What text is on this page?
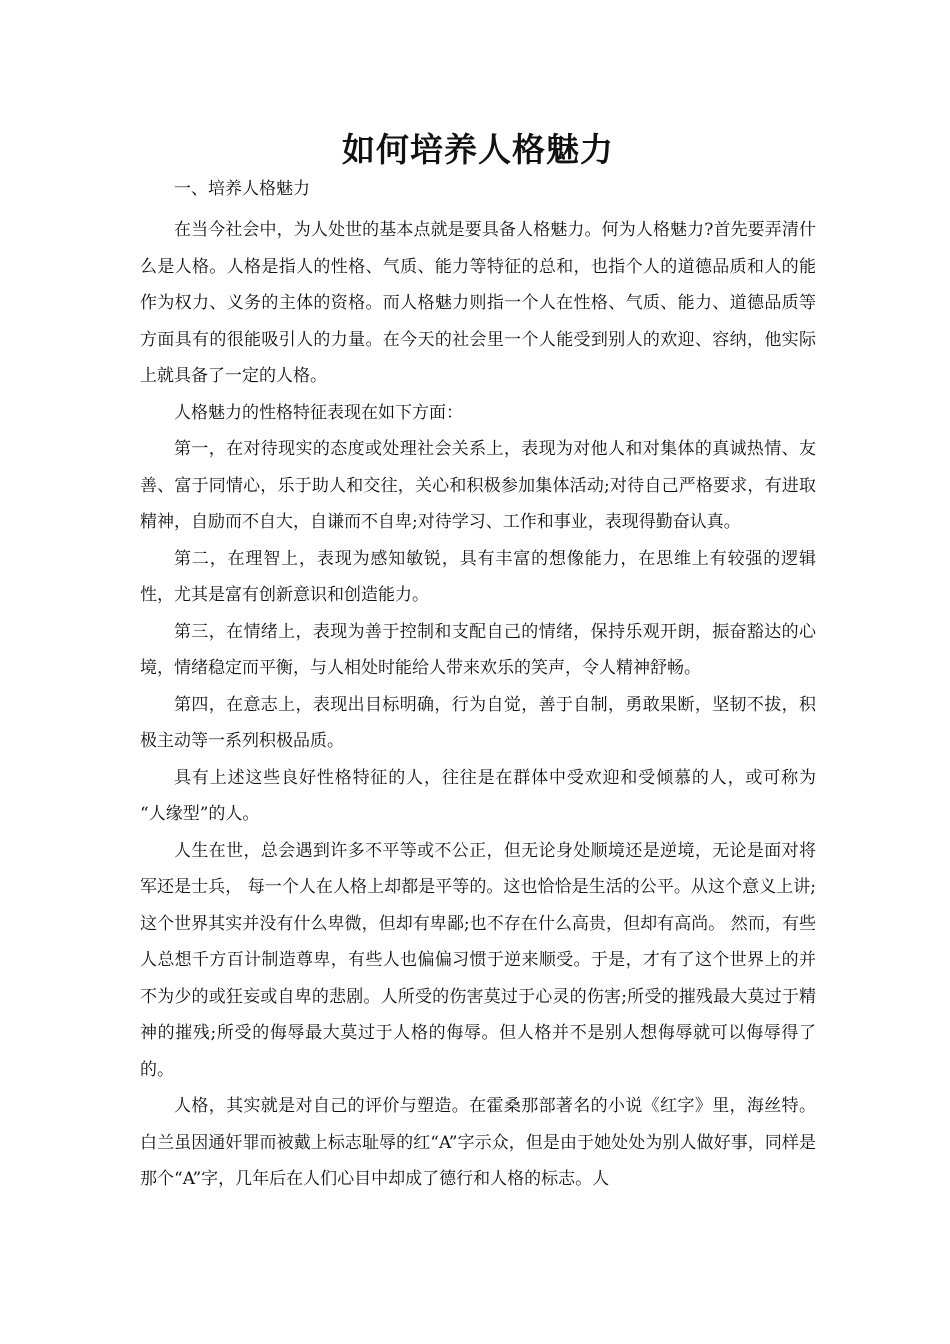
如何培养人格魅力

一、培养人格魅力

在当今社会中，为人处世的基本点就是要具备人格魅力。何为人格魅力?首先要弄清什么是人格。人格是指人的性格、气质、能力等特征的总和，也指个人的道德品质和人的能作为权力、义务的主体的资格。而人格魅力则指一个人在性格、气质、能力、道德品质等方面具有的很能吸引人的力量。在今天的社会里一个人能受到别人的欢迎、容纳，他实际上就具备了一定的人格。

人格魅力的性格特征表现在如下方面：

第一，在对待现实的态度或处理社会关系上，表现为对他人和对集体的真诚热情、友善、富于同情心，乐于助人和交往，关心和积极参加集体活动;对待自己严格要求，有进取精神，自励而不自大，自谦而不自卑;对待学习、工作和事业，表现得勤奋认真。

第二，在理智上，表现为感知敏锐，具有丰富的想像能力，在思维上有较强的逻辑性，尤其是富有创新意识和创造能力。

第三，在情绪上，表现为善于控制和支配自己的情绪，保持乐观开朗，振奋豁达的心境，情绪稳定而平衡，与人相处时能给人带来欢乐的笑声，令人精神舒畅。

第四，在意志上，表现出目标明确，行为自觉，善于自制，勇敢果断，坚韧不拔，积极主动等一系列积极品质。

具有上述这些良好性格特征的人，往往是在群体中受欢迎和受倾慕的人，或可称为 “人缘型”的人。

人生在世，总会遇到许多不平等或不公正，但无论身处顺境还是逆境，无论是面对将军还是士兵， 每一个人在人格上却都是平等的。这也恰恰是生活的公平。从这个意义上讲;这个世界其实并没有什么卑微，但却有卑鄙;也不存在什么高贵，但却有高尚。 然而，有些人总想千方百计制造尊卑，有些人也偏偏习惯于逆来顺受。于是，才有了这个世界上的并不为少的或狂妄或自卑的悲剧。人所受的伤害莫过于心灵的伤害;所受的摧残最大莫过于精神的摧残;所受的侮辱最大莫过于人格的侮辱。但人格并不是别人想侮辱就可以侮辱得了的。

人格，其实就是对自己的评价与塑造。在霍桑那部著名的小说《红字》里，海丝特。白兰虽因通奸罪而被戴上标志耻辱的红“A”字示众，但是由于她处处为别人做好事，同样是那个“A”字，几年后在人们心目中却成了德行和人格的标志。人
